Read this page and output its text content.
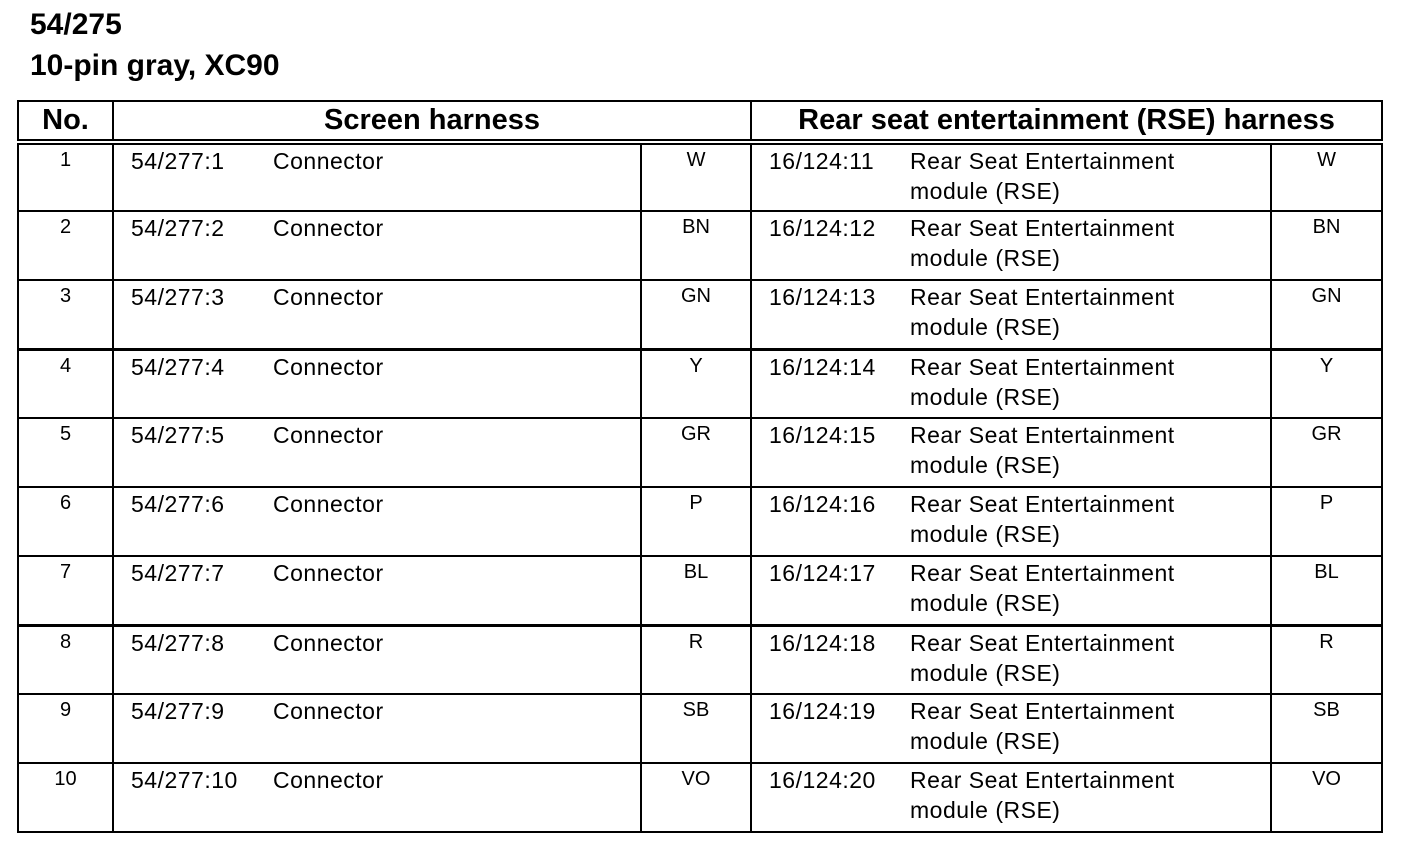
54/275
10-pin gray, XC90
No.	Screen harness		Rear seat entertainment (RSE) harness	
1	54/277:1 Connector	W	16/124:11 Rear Seat Entertainment
module (RSE)	W
2	54/277:2 Connector	BN	16/124:12 Rear Seat Entertainment
module (RSE)	BN
3	54/277:3 Connector	GN	16/124:13 Rear Seat Entertainment
module (RSE)	GN
4	54/277:4 Connector	Y	16/124:14 Rear Seat Entertainment
module (RSE)	Y
5	54/277:5 Connector	GR	16/124:15 Rear Seat Entertainment
module (RSE)	GR
6	54/277:6 Connector	P	16/124:16 Rear Seat Entertainment
module (RSE)	P
7	54/277:7 Connector	BL	16/124:17 Rear Seat Entertainment
module (RSE)	BL
8	54/277:8 Connector	R	16/124:18 Rear Seat Entertainment
module (RSE)	R
9	54/277:9 Connector	SB	16/124:19 Rear Seat Entertainment
module (RSE)	SB
10	54/277:10 Connector	VO	16/124:20 Rear Seat Entertainment
module (RSE)	VO
